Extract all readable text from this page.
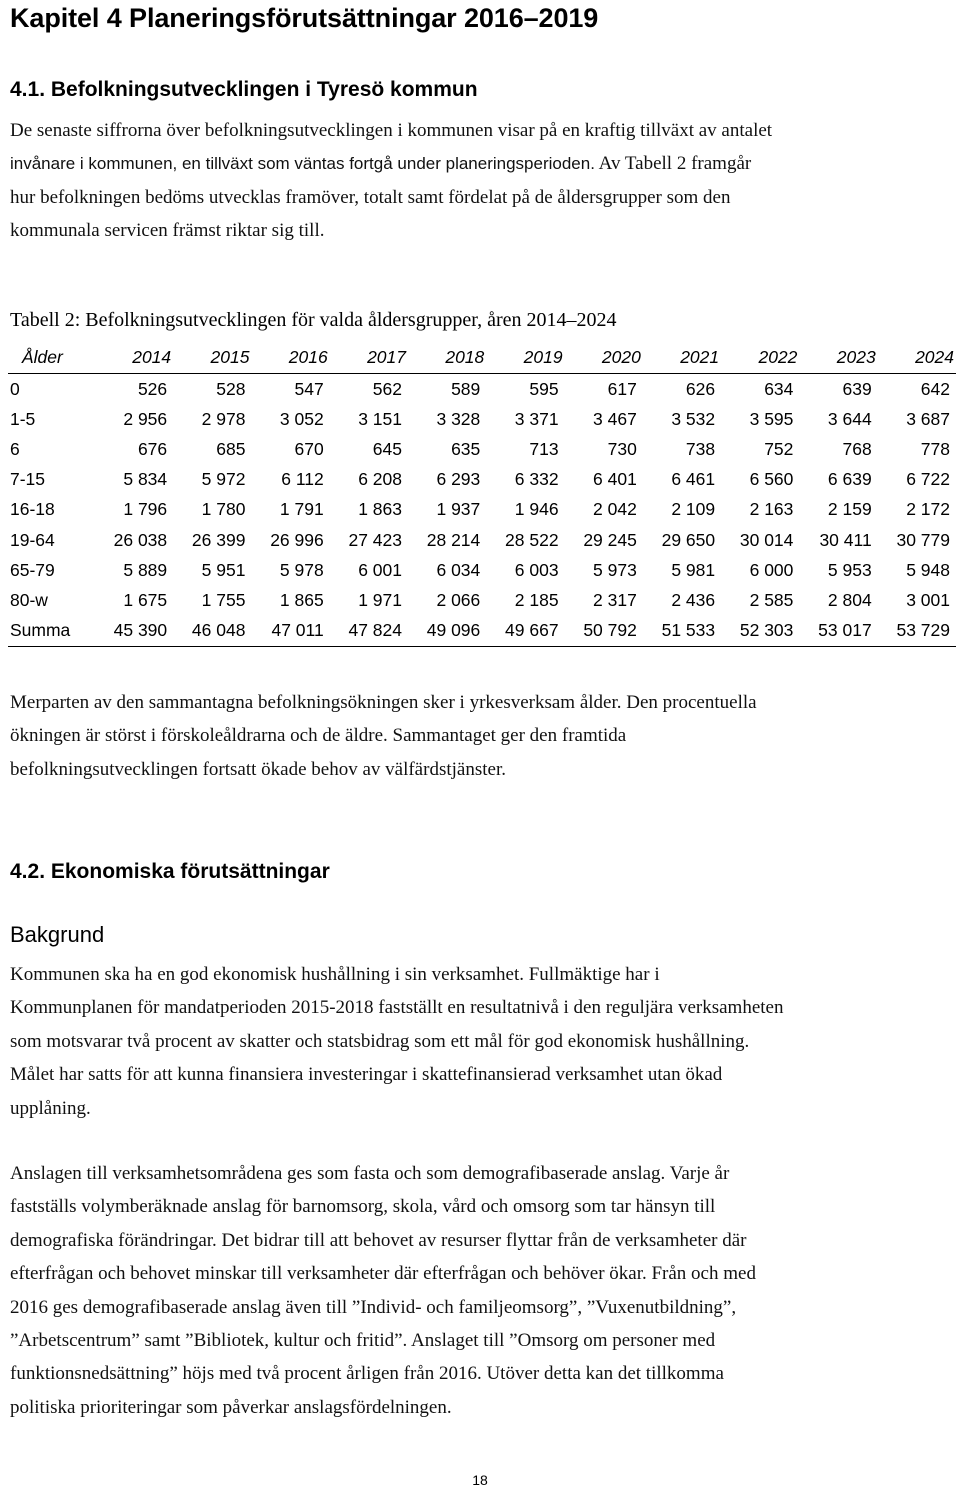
Kapitel 4 Planeringsförutsättningar 2016–2019
4.1. Befolkningsutvecklingen i Tyresö kommun

De senaste siffrorna över befolkningsutvecklingen i kommunen visar på en kraftig tillväxt av antalet
invånare i kommunen, en tillväxt som väntas fortgå under planeringsperioden. Av Tabell 2 framgår
hur befolkningen bedöms utvecklas framöver, totalt samt fördelat på de åldersgrupper som den
kommunala servicen främst riktar sig till.

Tabell 2: Befolkningsutvecklingen för valda åldersgrupper, åren 2014–2024

Ålder	2014	2015	2016	2017	2018	2019	2020	2021	2022	2023	2024
0	526	528	547	562	589	595	617	626	634	639	642
1-5	2 956	2 978	3 052	3 151	3 328	3 371	3 467	3 532	3 595	3 644	3 687
6	676	685	670	645	635	713	730	738	752	768	778
7-15	5 834	5 972	6 112	6 208	6 293	6 332	6 401	6 461	6 560	6 639	6 722
16-18	1 796	1 780	1 791	1 863	1 937	1 946	2 042	2 109	2 163	2 159	2 172
19-64	26 038	26 399	26 996	27 423	28 214	28 522	29 245	29 650	30 014	30 411	30 779
65-79	5 889	5 951	5 978	6 001	6 034	6 003	5 973	5 981	6 000	5 953	5 948
80-w	1 675	1 755	1 865	1 971	2 066	2 185	2 317	2 436	2 585	2 804	3 001
Summa	45 390	46 048	47 011	47 824	49 096	49 667	50 792	51 533	52 303	53 017	53 729

Merparten av den sammantagna befolkningsökningen sker i yrkesverksam ålder. Den procentuella
ökningen är störst i förskoleåldrarna och de äldre. Sammantaget ger den framtida
befolkningsutvecklingen fortsatt ökade behov av välfärdstjänster.

4.2. Ekonomiska förutsättningar
Bakgrund

Kommunen ska ha en god ekonomisk hushållning i sin verksamhet. Fullmäktige har i
Kommunplanen för mandatperioden 2015-2018 fastställt en resultatnivå i den reguljära verksamheten
som motsvarar två procent av skatter och statsbidrag som ett mål för god ekonomisk hushållning.
Målet har satts för att kunna finansiera investeringar i skattefinansierad verksamhet utan ökad
upplåning.

Anslagen till verksamhetsområdena ges som fasta och som demografibaserade anslag. Varje år
fastställs volymberäknade anslag för barnomsorg, skola, vård och omsorg som tar hänsyn till
demografiska förändringar. Det bidrar till att behovet av resurser flyttar från de verksamheter där
efterfrågan och behovet minskar till verksamheter där efterfrågan och behöver ökar. Från och med
2016 ges demografibaserade anslag även till ”Individ- och familjeomsorg”, ”Vuxenutbildning”,
”Arbetscentrum” samt ”Bibliotek, kultur och fritid”. Anslaget till ”Omsorg om personer med
funktionsnedsättning” höjs med två procent årligen från 2016. Utöver detta kan det tillkomma
politiska prioriteringar som påverkar anslagsfördelningen.

18
